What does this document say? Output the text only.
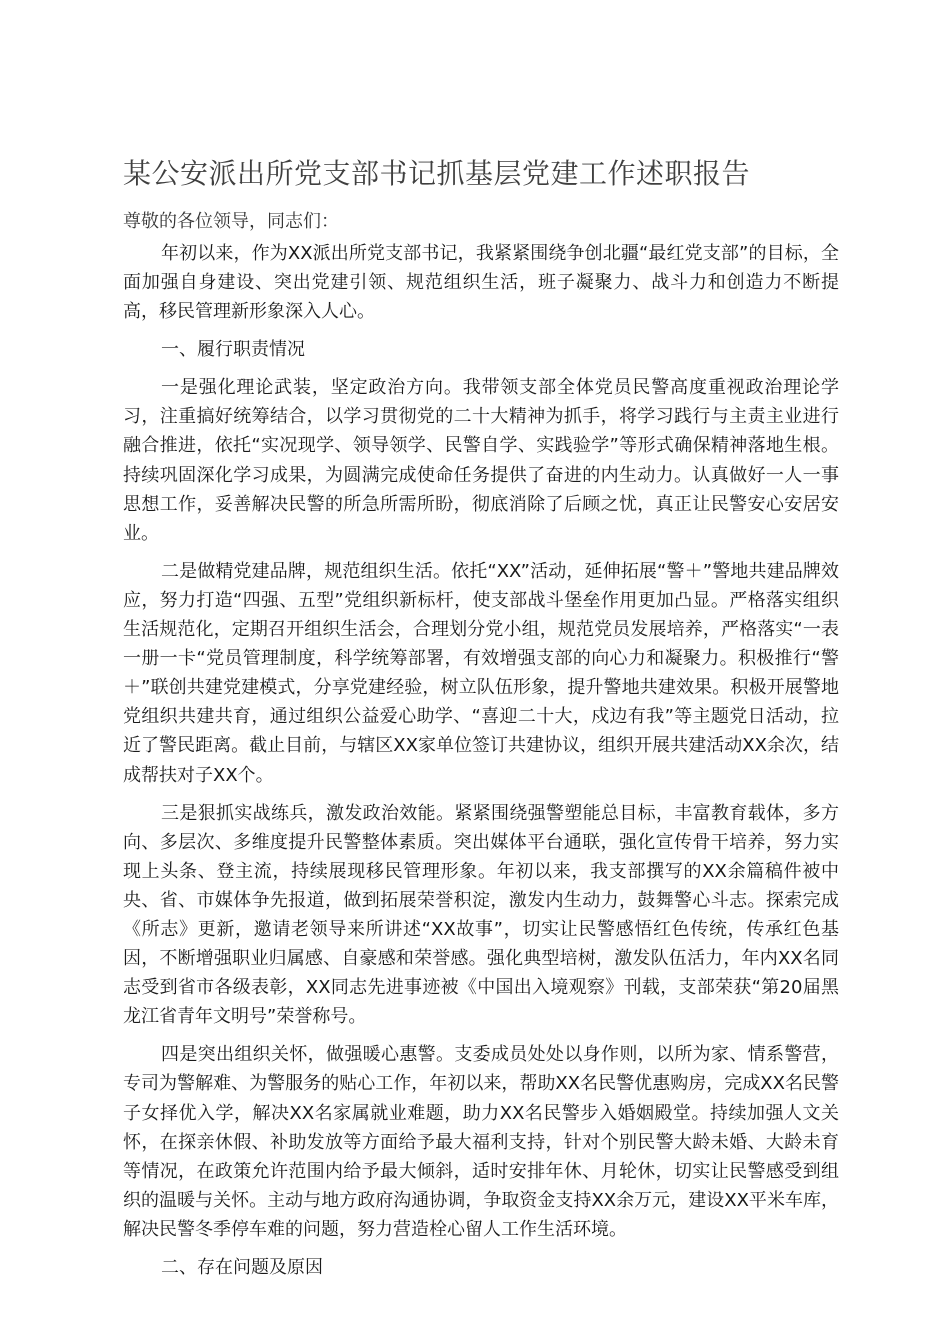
某公安派出所党支部书记抓基层党建工作述职报告

尊敬的各位领导，同志们：

年初以来，作为XX派出所党支部书记，我紧紧围绕争创北疆“最红党支部”的目标，全面加强自身建设、突出党建引领、规范组织生活，班子凝聚力、战斗力和创造力不断提高，移民管理新形象深入人心。

一、履行职责情况

一是强化理论武装，坚定政治方向。我带领支部全体党员民警高度重视政治理论学习，注重搞好统筹结合，以学习贯彻党的二十大精神为抓手，将学习践行与主责主业进行融合推进，依托“实况现学、领导领学、民警自学、实践验学”等形式确保精神落地生根。持续巩固深化学习成果，为圆满完成使命任务提供了奋进的内生动力。认真做好一人一事思想工作，妥善解决民警的所急所需所盼，彻底消除了后顾之忧，真正让民警安心安居安业。

二是做精党建品牌，规范组织生活。依托“XX”活动，延伸拓展“警＋”警地共建品牌效应，努力打造“四强、五型”党组织新标杆，使支部战斗堡垒作用更加凸显。严格落实组织生活规范化，定期召开组织生活会，合理划分党小组，规范党员发展培养，严格落实“一表一册一卡“党员管理制度，科学统筹部署，有效增强支部的向心力和凝聚力。积极推行“警＋”联创共建党建模式，分享党建经验，树立队伍形象，提升警地共建效果。积极开展警地党组织共建共育，通过组织公益爱心助学、“喜迎二十大，戍边有我”等主题党日活动，拉近了警民距离。截止目前，与辖区XX家单位签订共建协议，组织开展共建活动XX余次，结成帮扶对子XX个。

三是狠抓实战练兵，激发政治效能。紧紧围绕强警塑能总目标，丰富教育载体，多方向、多层次、多维度提升民警整体素质。突出媒体平台通联，强化宣传骨干培养，努力实现上头条、登主流，持续展现移民管理形象。年初以来，我支部撰写的XX余篇稿件被中央、省、市媒体争先报道，做到拓展荣誉积淀，激发内生动力，鼓舞警心斗志。探索完成《所志》更新，邀请老领导来所讲述“XX故事”，切实让民警感悟红色传统，传承红色基因，不断增强职业归属感、自豪感和荣誉感。强化典型培树，激发队伍活力，年内XX名同志受到省市各级表彰，XX同志先进事迹被《中国出入境观察》刊载，支部荣获“第20届黑龙江省青年文明号”荣誉称号。

四是突出组织关怀，做强暖心惠警。支委成员处处以身作则，以所为家、情系警营，专司为警解难、为警服务的贴心工作，年初以来，帮助XX名民警优惠购房，完成XX名民警子女择优入学，解决XX名家属就业难题，助力XX名民警步入婚姻殿堂。持续加强人文关怀，在探亲休假、补助发放等方面给予最大福利支持，针对个别民警大龄未婚、大龄未育等情况，在政策允许范围内给予最大倾斜，适时安排年休、月轮休，切实让民警感受到组织的温暖与关怀。主动与地方政府沟通协调，争取资金支持XX余万元，建设XX平米车库，解决民警冬季停车难的问题，努力营造栓心留人工作生活环境。

二、存在问题及原因
